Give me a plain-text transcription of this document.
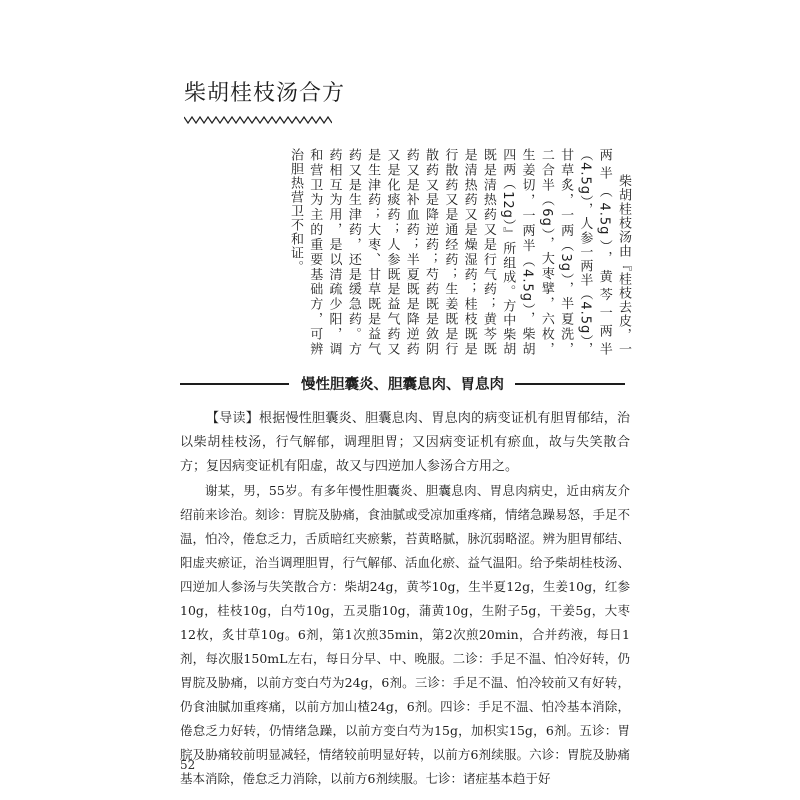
柴胡桂枝汤合方

柴胡桂枝汤由『桂枝去皮，一两半（4.5g），黄芩一两半（4.5g），人参一两半（4.5g），甘草炙，一两（3g），半夏洗，二合半（6g），大枣擘，六枚，生姜切，一两半（4.5g），柴胡四两（12g）』所组成。方中柴胡既是清热药又是行气药；黄芩既是清热药又是燥湿药；桂枝既是行散药又是通经药；生姜既是行散药又是降逆药；芍药既是敛阴药又是补血药；半夏既是降逆药又是化痰药；人参既是益气药又是生津药；大枣、甘草既是益气药又是生津药，还是缓急药。方药相互为用，是以清疏少阳，调和营卫为主的重要基础方，可辨治胆热营卫不和证。

慢性胆囊炎、胆囊息肉、胃息肉

【导读】根据慢性胆囊炎、胆囊息肉、胃息肉的病变证机有胆胃郁结，治以柴胡桂枝汤，行气解郁，调理胆胃；又因病变证机有瘀血，故与失笑散合方；复因病变证机有阳虚，故又与四逆加人参汤合方用之。

谢某，男，55岁。有多年慢性胆囊炎、胆囊息肉、胃息肉病史，近由病友介绍前来诊治。刻诊：胃脘及胁痛，食油腻或受凉加重疼痛，情绪急躁易怒，手足不温，怕冷，倦怠乏力，舌质暗红夹瘀紫，苔黄略腻，脉沉弱略涩。辨为胆胃郁结、阳虚夹瘀证，治当调理胆胃，行气解郁、活血化瘀、益气温阳。给予柴胡桂枝汤、四逆加人参汤与失笑散合方：柴胡24g，黄芩10g，生半夏12g，生姜10g，红参10g，桂枝10g，白芍10g，五灵脂10g，蒲黄10g，生附子5g，干姜5g，大枣12枚，炙甘草10g。6剂，第1次煎35min，第2次煎20min，合并药液，每日1剂，每次服150mL左右，每日分早、中、晚服。二诊：手足不温、怕冷好转，仍胃脘及胁痛，以前方变白芍为24g，6剂。三诊：手足不温、怕冷较前又有好转，仍食油腻加重疼痛，以前方加山楂24g，6剂。四诊：手足不温、怕冷基本消除，倦怠乏力好转，仍情绪急躁，以前方变白芍为15g，加枳实15g，6剂。五诊：胃脘及胁痛较前明显减轻，情绪较前明显好转，以前方6剂续服。六诊：胃脘及胁痛基本消除，倦怠乏力消除，以前方6剂续服。七诊：诸症基本趋于好

52
